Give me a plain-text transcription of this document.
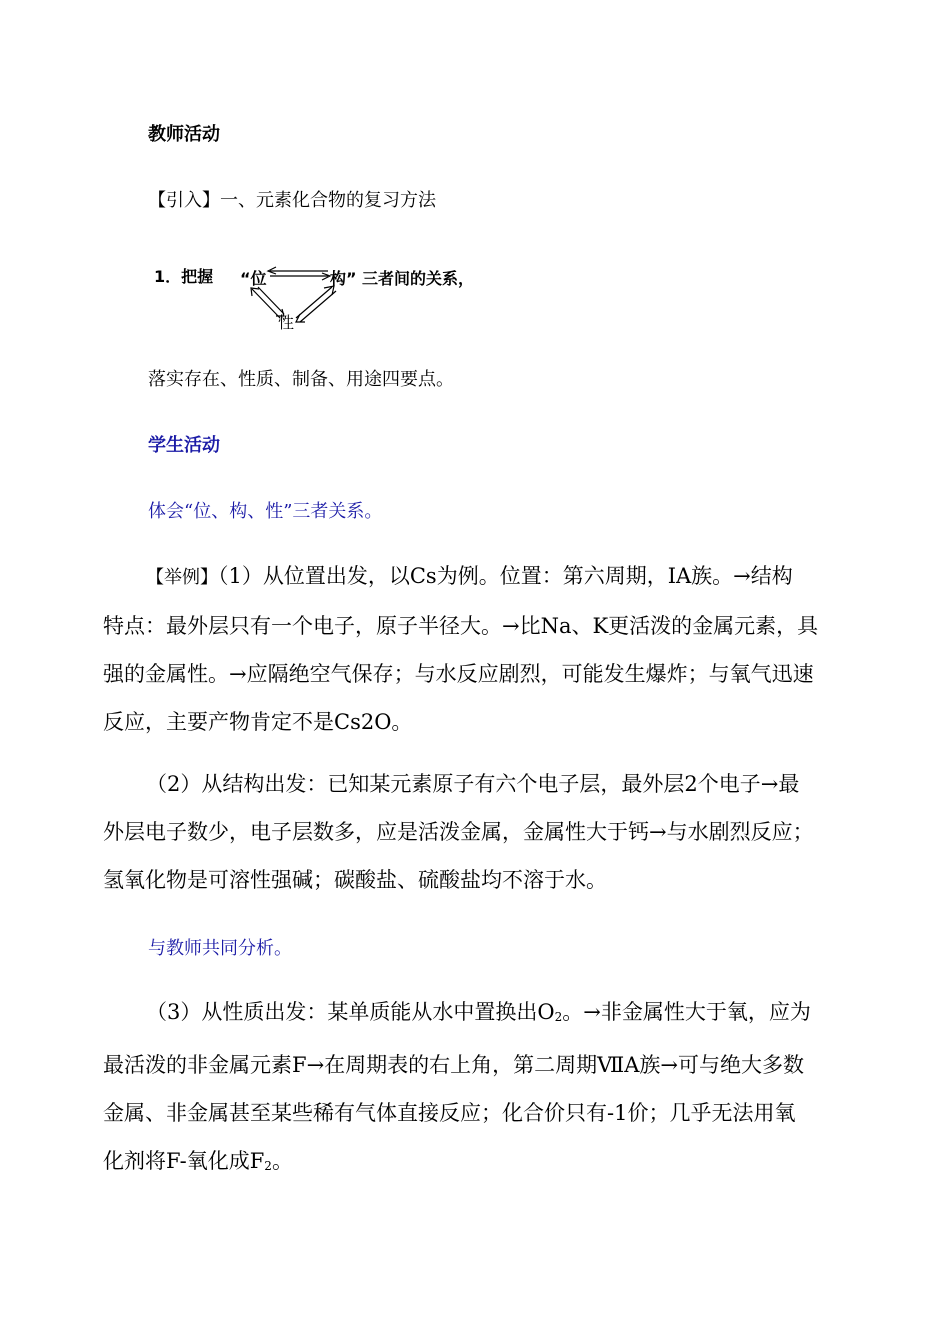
教师活动
【引入】一、元素化合物的复习方法
1．把握 “位	构” 三者间的关系，
性
落实存在、性质、制备、用途四要点。
学生活动
体会“位、构、性”三者关系。
【举例】（1）从位置出发，以Cs为例。位置：第六周期，IA族。→结构
特点：最外层只有一个电子，原子半径大。→比Na、K更活泼的金属元素，具
强的金属性。→应隔绝空气保存；与水反应剧烈，可能发生爆炸；与氧气迅速
反应，主要产物肯定不是Cs2O。
（2）从结构出发：已知某元素原子有六个电子层，最外层2个电子→最
外层电子数少，电子层数多，应是活泼金属，金属性大于钙→与水剧烈反应；
氢氧化物是可溶性强碱；碳酸盐、硫酸盐均不溶于水。
与教师共同分析。
（3）从性质出发：某单质能从水中置换出$O_2$。→非金属性大于氧，应为
最活泼的非金属元素F→在周期表的右上角，第二周期ⅦA族→可与绝大多数
金属、非金属甚至某些稀有气体直接反应；化合价只有-1价；几乎无法用氧
化剂将F-氧化成$F_2$。
